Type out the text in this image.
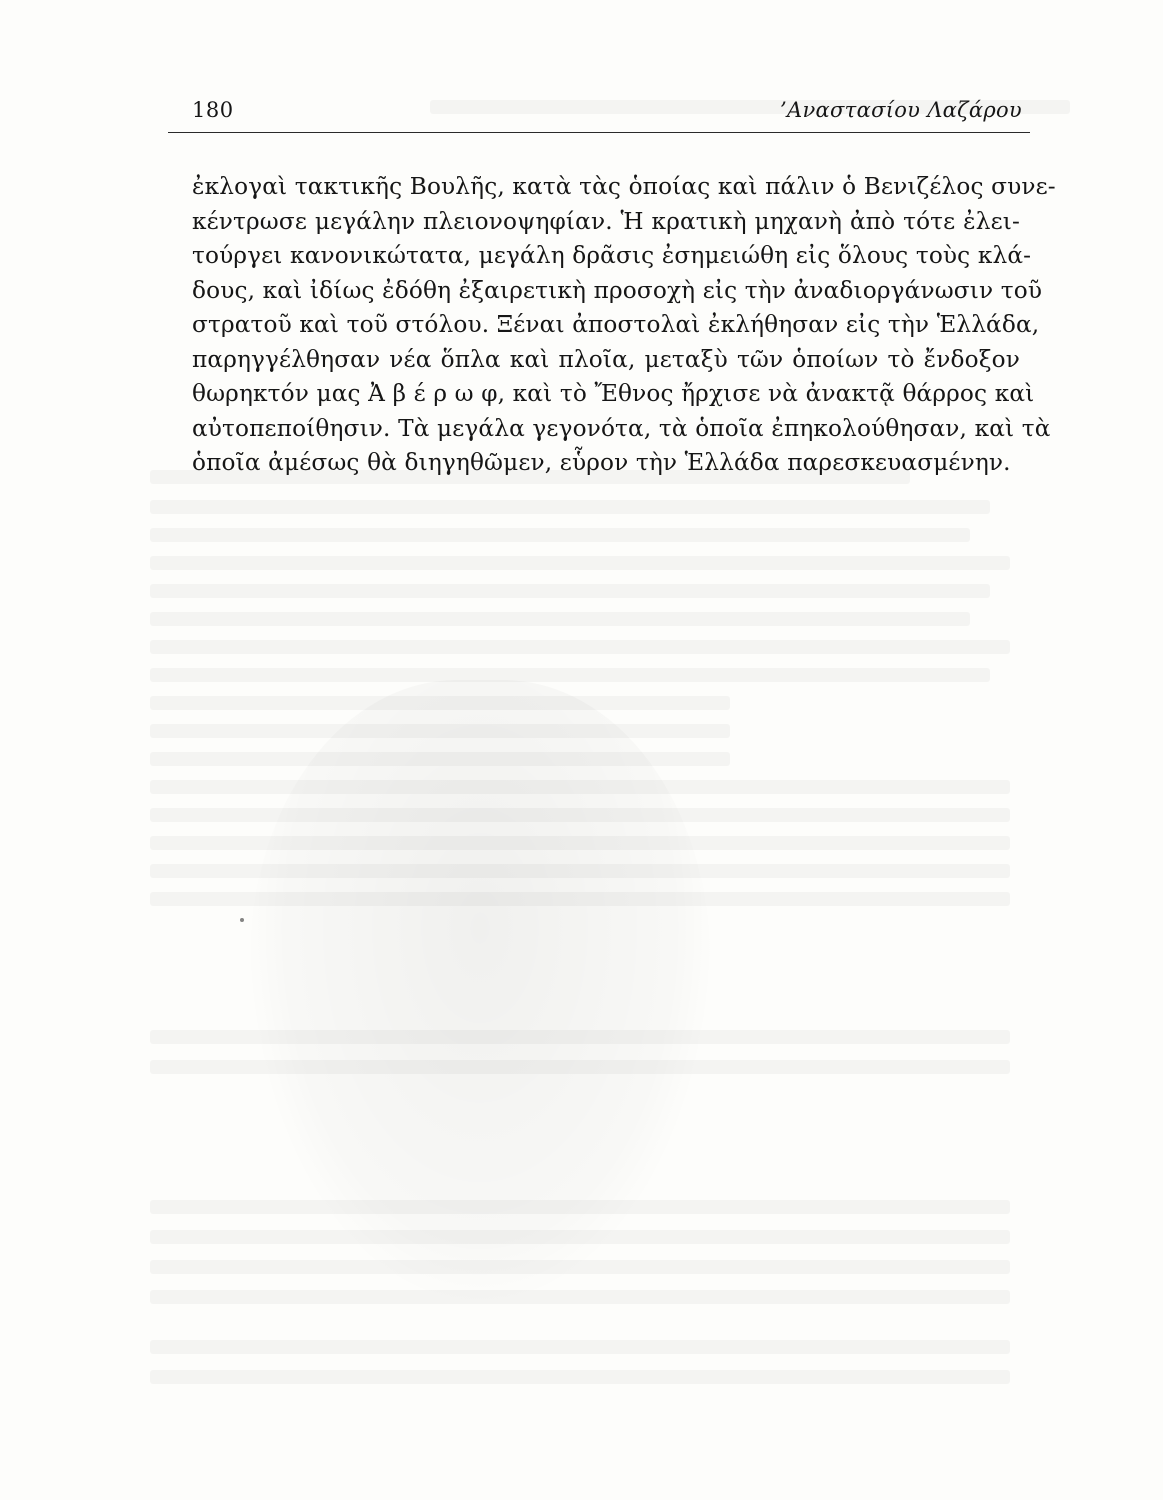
180	’Αναστασίου Λαζάρου
ἐκλογαὶ τακτικῆς Βουλῆς, κατὰ τὰς ὁποίας καὶ πάλιν ὁ Βενιζέλος συνε-
κέντρωσε μεγάλην πλειονοψηφίαν. Ἡ κρατικὴ μηχανὴ ἀπὸ τότε ἐλει-
τούργει κανονικώτατα, μεγάλη δρᾶσις ἐσημειώθη εἰς ὅλους τοὺς κλά-
δους, καὶ ἰδίως ἐδόθη ἐξαιρετικὴ προσοχὴ εἰς τὴν ἀναδιοργάνωσιν τοῦ
στρατοῦ καὶ τοῦ στόλου. Ξέναι ἀποστολαὶ ἐκλήθησαν εἰς τὴν Ἑλλάδα,
παρηγγέλθησαν νέα ὅπλα καὶ πλοῖα, μεταξὺ τῶν ὁποίων τὸ ἔνδοξον
θωρηκτόν μας Ἀ β έ ρ ω φ, καὶ τὸ Ἔθνος ἤρχισε νὰ ἀνακτᾷ θάρρος καὶ
αὐτοπεποίθησιν. Τὰ μεγάλα γεγονότα, τὰ ὁποῖα ἐπηκολούθησαν, καὶ τὰ
ὁποῖα ἀμέσως θὰ διηγηθῶμεν, εὗρον τὴν Ἑλλάδα παρεσκευασμένην.
